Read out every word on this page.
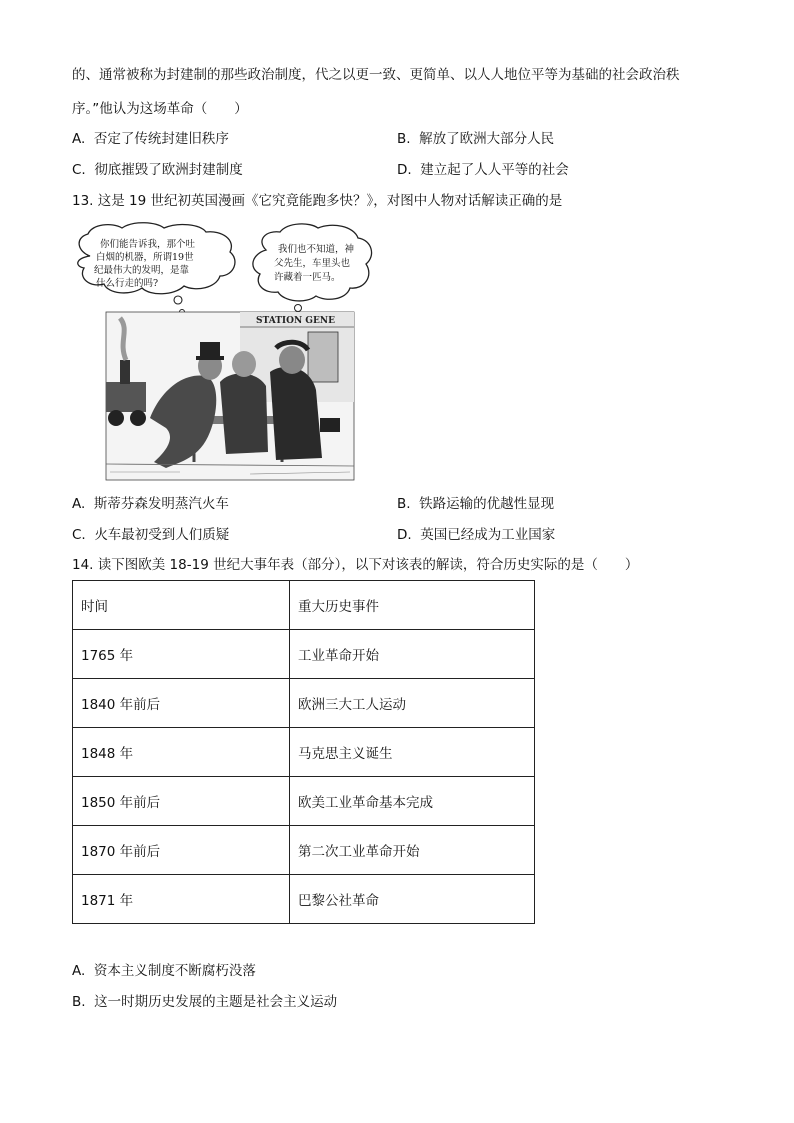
的、通常被称为封建制的那些政治制度，代之以更一致、更简单、以人人地位平等为基础的社会政治秩
序。”他认为这场革命（　　）
A. 否定了传统封建旧秩序	B. 解放了欧洲大部分人民
C. 彻底摧毁了欧洲封建制度	D. 建立起了人人平等的社会
13. 这是 19 世纪初英国漫画《它究竟能跑多快？》，对图中人物对话解读正确的是
你们能告诉我，那个吐
白烟的机器，所谓19世
纪最伟大的发明，是靠
什么行走的吗?
我们也不知道，神
父先生，车里头也
许藏着一匹马。
STATION GENE
A. 斯蒂芬森发明蒸汽火车	B. 铁路运输的优越性显现
C. 火车最初受到人们质疑	D. 英国已经成为工业国家
14. 读下图欧美 18-19 世纪大事年表（部分），以下对该表的解读，符合历史实际的是（　　）
时间	重大历史事件
1765 年	工业革命开始
1840 年前后	欧洲三大工人运动
1848 年	马克思主义诞生
1850 年前后	欧美工业革命基本完成
1870 年前后	第二次工业革命开始
1871 年	巴黎公社革命
A. 资本主义制度不断腐朽没落
B. 这一时期历史发展的主题是社会主义运动
